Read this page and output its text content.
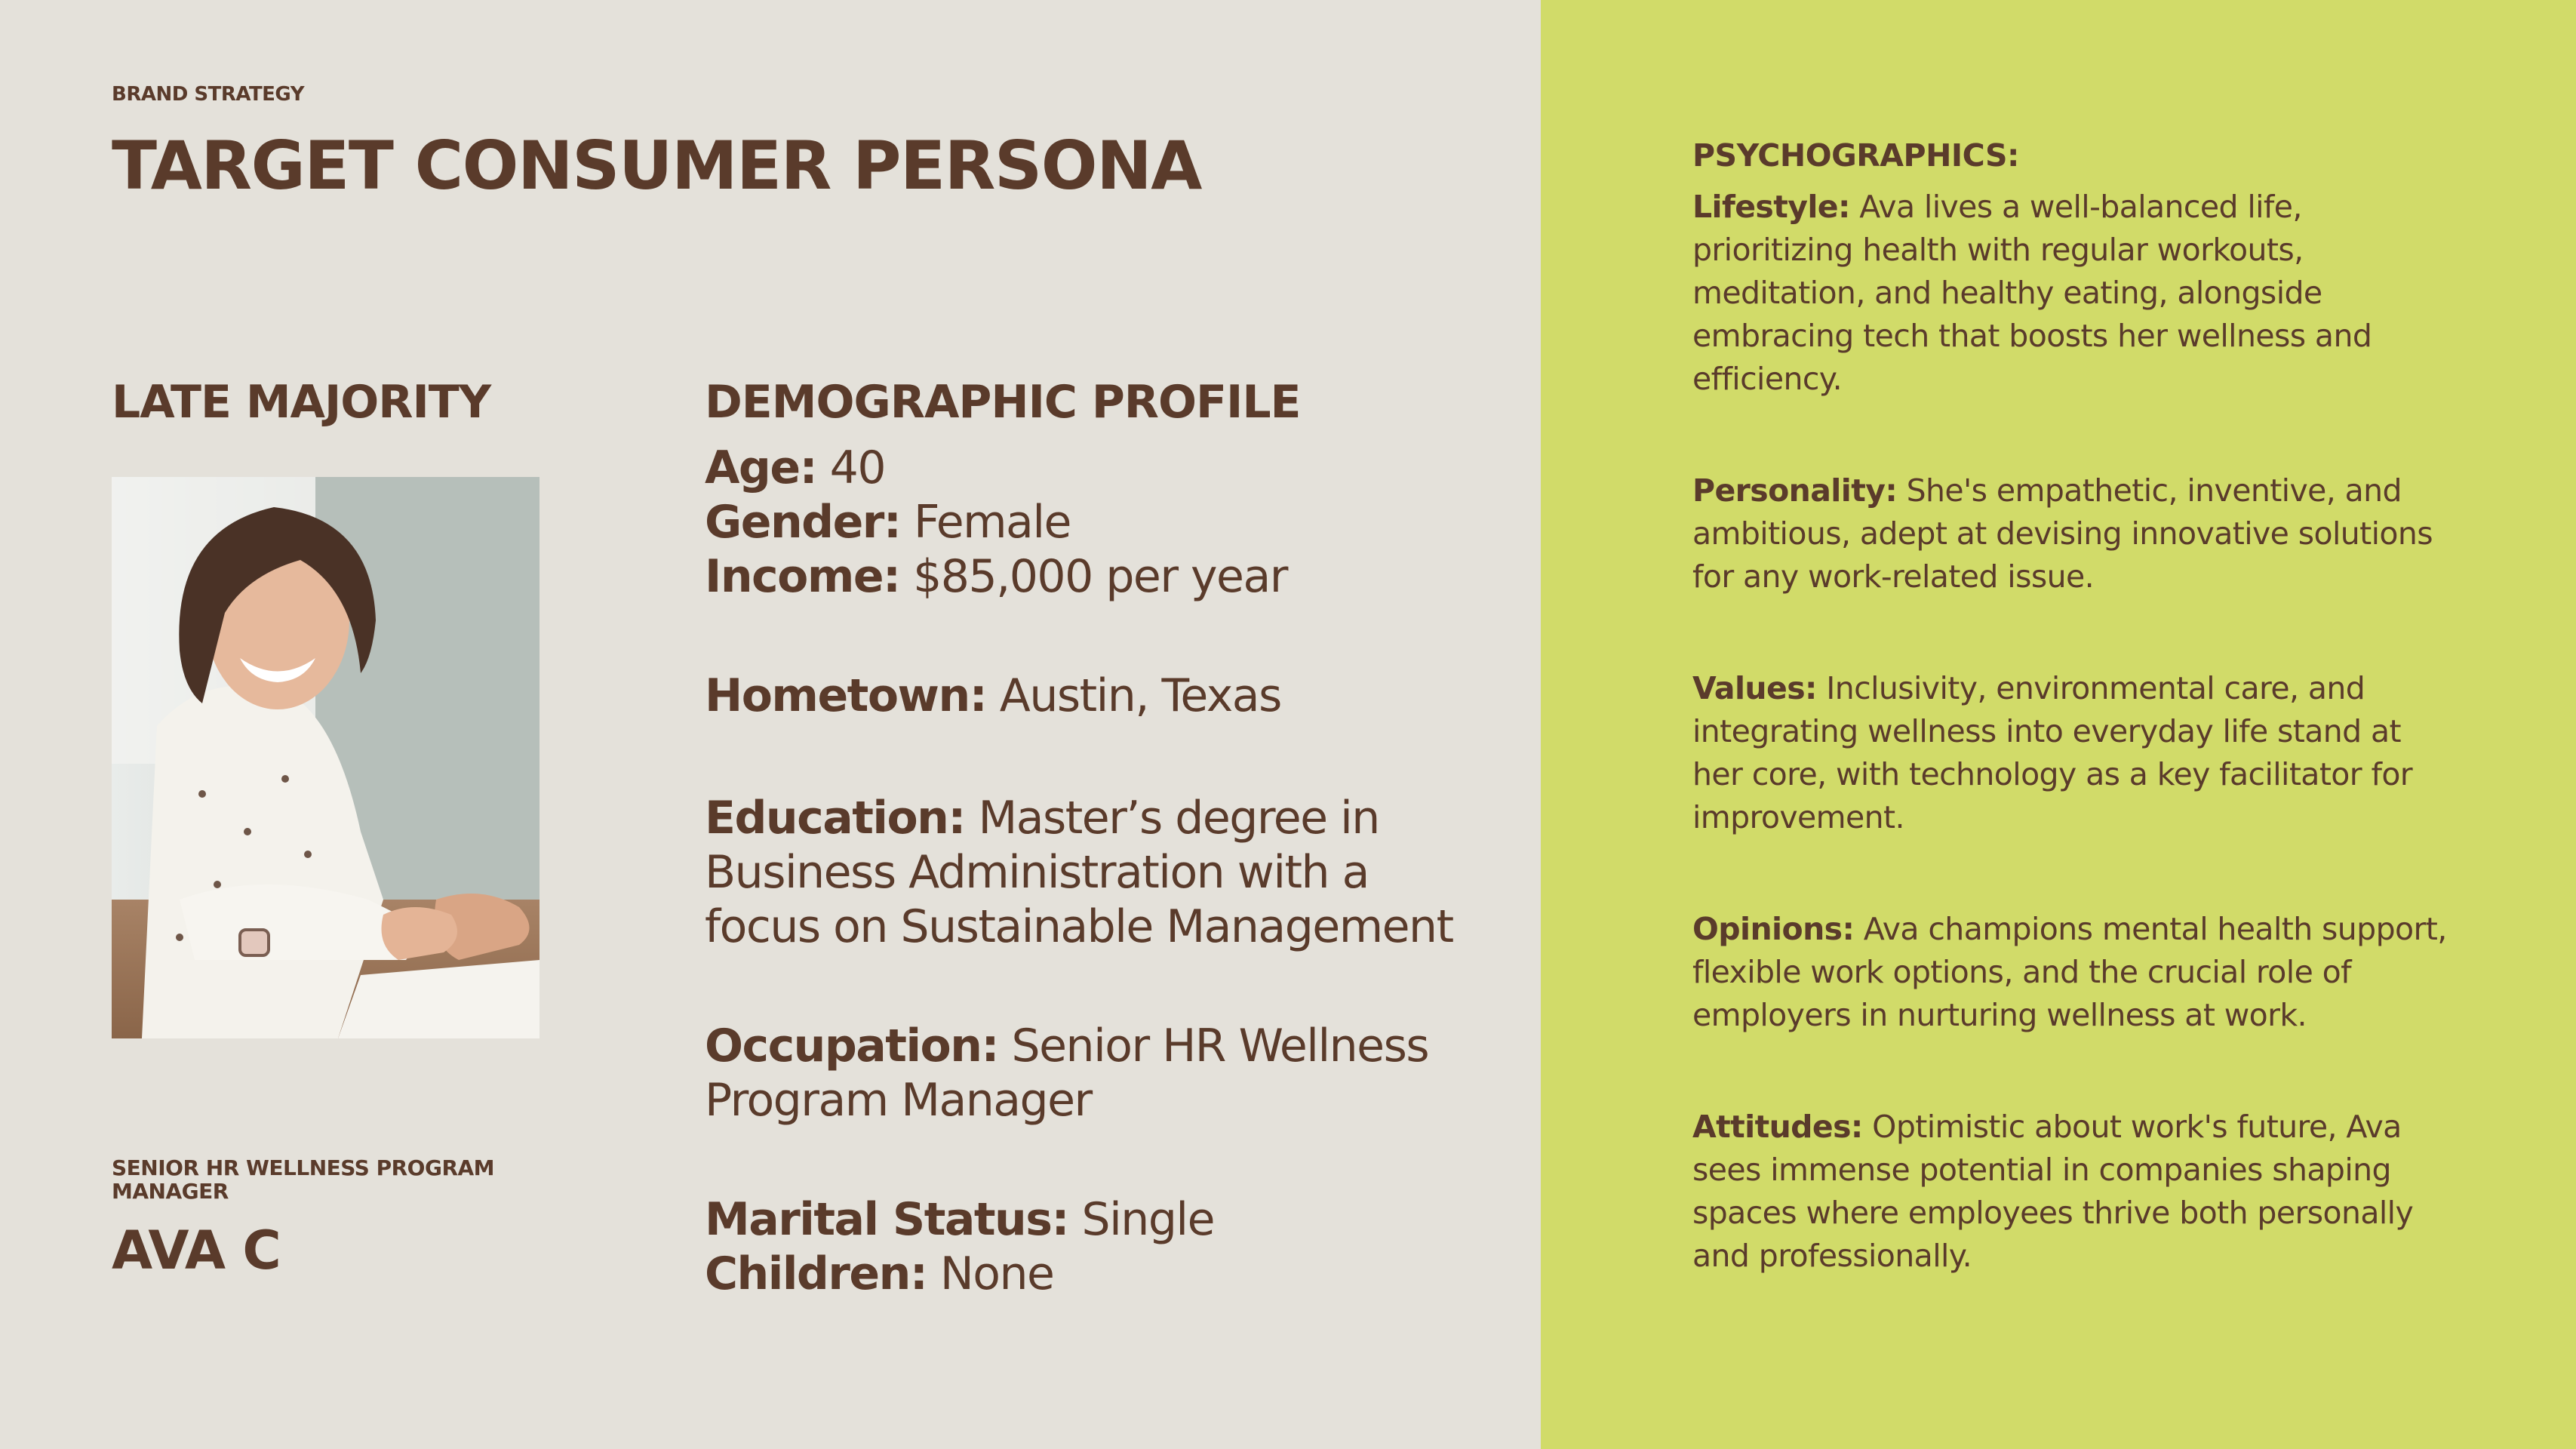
BRAND STRATEGY
TARGET CONSUMER PERSONA
LATE MAJORITY
SENIOR HR WELLNESS PROGRAM MANAGER
AVA C
DEMOGRAPHIC PROFILE
Age: 40
Gender: Female
Income: $85,000 per year
Hometown: Austin, Texas
Education: Master’s degree in Business Administration with a focus on Sustainable Management
Occupation: Senior HR Wellness Program Manager
Marital Status: Single
Children: None
PSYCHOGRAPHICS:
Lifestyle: Ava lives a well-balanced life, prioritizing health with regular workouts, meditation, and healthy eating, alongside embracing tech that boosts her wellness and efficiency.
Personality: She's empathetic, inventive, and ambitious, adept at devising innovative solutions for any work-related issue.
Values: Inclusivity, environmental care, and integrating wellness into everyday life stand at her core, with technology as a key facilitator for improvement.
Opinions: Ava champions mental health support, flexible work options, and the crucial role of employers in nurturing wellness at work.
Attitudes: Optimistic about work's future, Ava sees immense potential in companies shaping spaces where employees thrive both personally and professionally.
